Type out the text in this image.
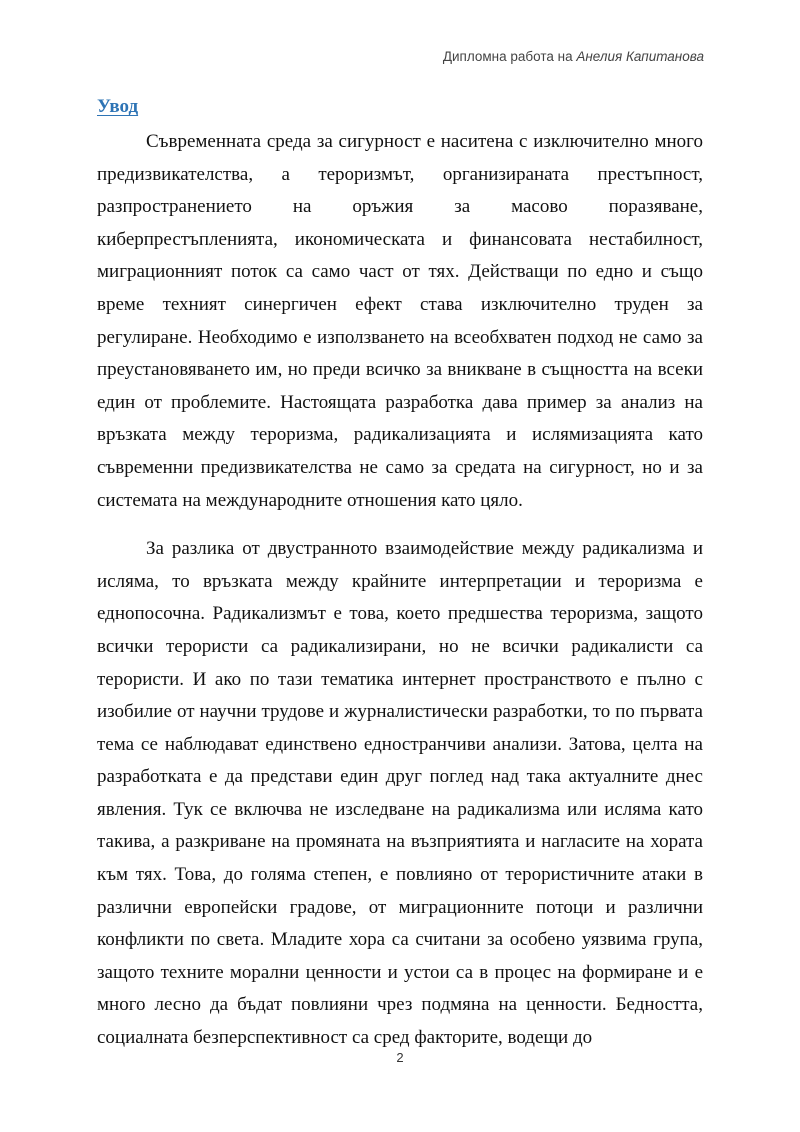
Дипломна работа на Анелия Капитанова
Увод

Съвременната среда за сигурност е наситена с изключително много предизвикателства, а тероризмът, организираната престъпност, разпространението на оръжия за масово поразяване, киберпрестъпленията, икономическата и финансовата нестабилност, миграционният поток са само част от тях. Действащи по едно и също време техният синергичен ефект става изключително труден за регулиране. Необходимо е използването на всеобхватен подход не само за преустановяването им, но преди всичко за вникване в същността на всеки един от проблемите. Настоящата разработка дава пример за анализ на връзката между тероризма, радикализацията и ислямизацията като съвременни предизвикателства не само за средата на сигурност, но и за системата на международните отношения като цяло.

За разлика от двустранното взаимодействие между радикализма и исляма, то връзката между крайните интерпретации и тероризма е еднопосочна. Радикализмът е това, което предшества тероризма, защото всички терористи са радикализирани, но не всички радикалисти са терористи. И ако по тази тематика интернет пространството е пълно с изобилие от научни трудове и журналистически разработки, то по първата тема се наблюдават единствено едностранчиви анализи. Затова, целта на разработката е да представи един друг поглед над така актуалните днес явления. Тук се включва не изследване на радикализма или исляма като такива, а разкриване на промяната на възприятията и нагласите на хората към тях. Това, до голяма степен, е повлияно от терористичните атаки в различни европейски градове, от миграционните потоци и различни конфликти по света. Младите хора са считани за особено уязвима група, защото техните морални ценности и устои са в процес на формиране и е много лесно да бъдат повлияни чрез подмяна на ценности. Бедността, социалната безперспективност са сред факторите, водещи до

2
